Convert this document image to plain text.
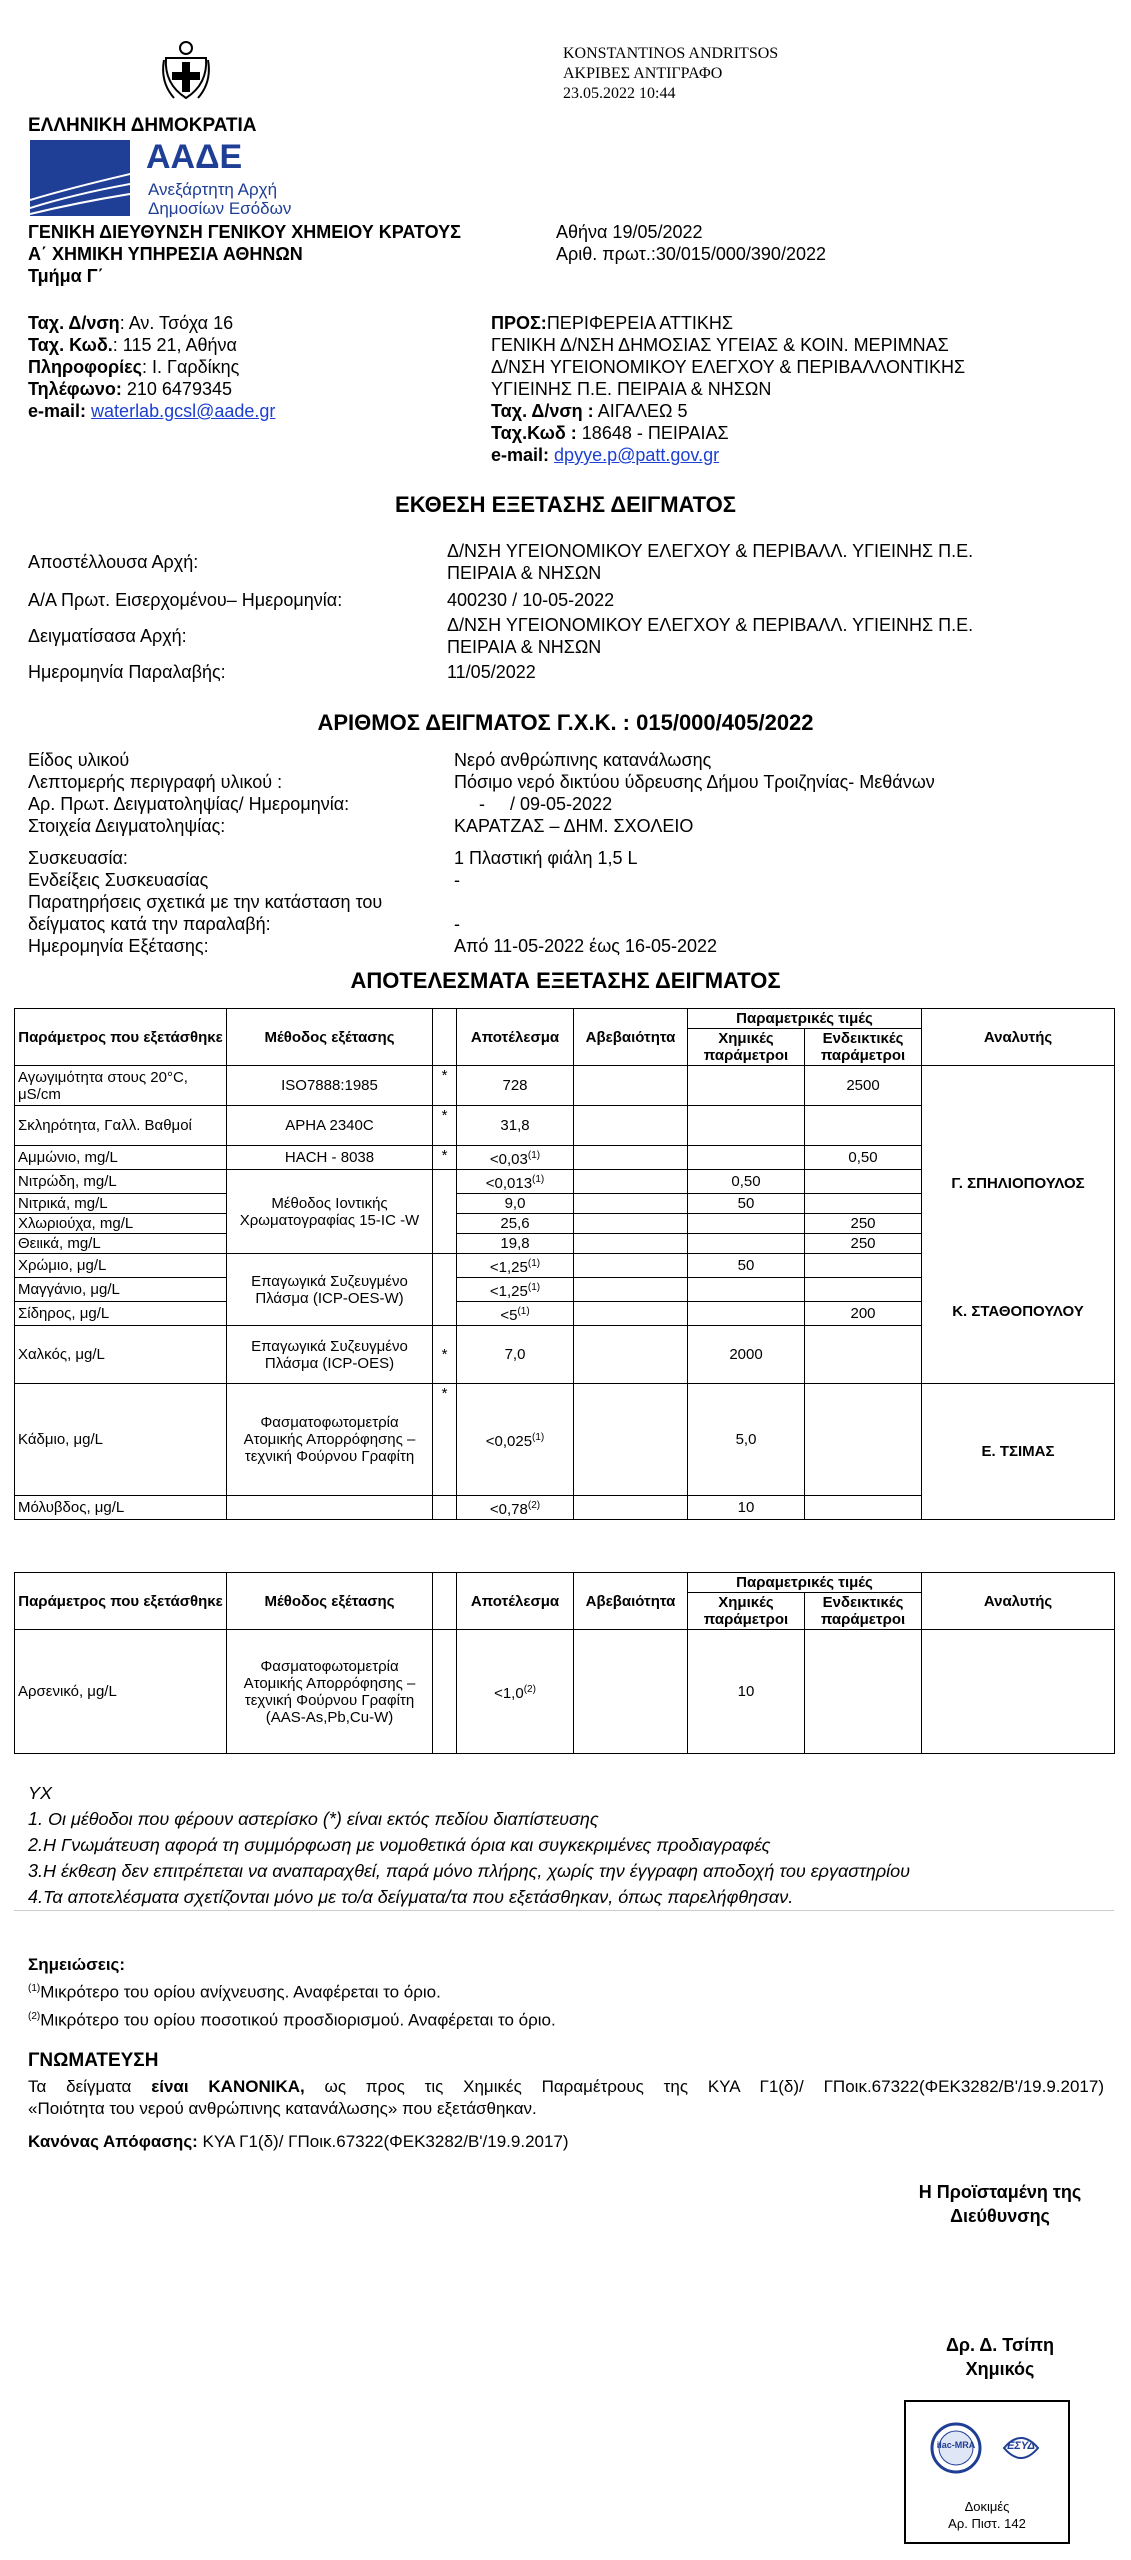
KONSTANTINOS ANDRITSOS
ΑΚΡΙΒΕΣ ΑΝΤΙΓΡΑΦΟ
23.05.2022 10:44
ΕΛΛΗΝΙΚΗ ΔΗΜΟΚΡΑΤΙΑ
ΑΑΔΕ
Ανεξάρτητη Αρχή
Δημοσίων Εσόδων
ΓΕΝΙΚΗ ΔΙΕΥΘΥΝΣΗ ΓΕΝΙΚΟΥ ΧΗΜΕΙΟΥ ΚΡΑΤΟΥΣ
Α΄ ΧΗΜΙΚΗ ΥΠΗΡΕΣΙΑ ΑΘΗΝΩΝ
Τμήμα Γ΄
Αθήνα 19/05/2022
Αριθ. πρωτ.:30/015/000/390/2022
Ταχ. Δ/νση: Αν. Τσόχα 16
Ταχ. Κωδ.: 115 21, Αθήνα
Πληροφορίες: Ι. Γαρδίκης
Τηλέφωνο: 210 6479345
e-mail: waterlab.gcsl@aade.gr
ΠΡΟΣ:ΠΕΡΙΦΕΡΕΙΑ ΑΤΤΙΚΗΣ
ΓΕΝΙΚΗ Δ/ΝΣΗ ΔΗΜΟΣΙΑΣ ΥΓΕΙΑΣ & ΚΟΙΝ. ΜΕΡΙΜΝΑΣ
Δ/ΝΣΗ ΥΓΕΙΟΝΟΜΙΚΟΥ ΕΛΕΓΧΟΥ & ΠΕΡΙΒΑΛΛΟΝΤΙΚΗΣ
ΥΓΙΕΙΝΗΣ Π.Ε. ΠΕΙΡΑΙΑ & ΝΗΣΩΝ
Ταχ. Δ/νση : ΑΙΓΑΛΕΩ 5
Ταχ.Κωδ : 18648 - ΠΕΙΡΑΙΑΣ
e-mail: dpyye.p@patt.gov.gr
ΕΚΘΕΣΗ ΕΞΕΤΑΣΗΣ ΔΕΙΓΜΑΤΟΣ
Αποστέλλουσα Αρχή:
Δ/ΝΣΗ ΥΓΕΙΟΝΟΜΙΚΟΥ ΕΛΕΓΧΟΥ & ΠΕΡΙΒΑΛΛ. ΥΓΙΕΙΝΗΣ Π.Ε.
ΠΕΙΡΑΙΑ & ΝΗΣΩΝ
Α/Α Πρωτ. Εισερχομένου– Ημερομηνία:	400230 / 10-05-2022
Δειγματίσασα Αρχή:
Δ/ΝΣΗ ΥΓΕΙΟΝΟΜΙΚΟΥ ΕΛΕΓΧΟΥ & ΠΕΡΙΒΑΛΛ. ΥΓΙΕΙΝΗΣ Π.Ε.
ΠΕΙΡΑΙΑ & ΝΗΣΩΝ
Ημερομηνία Παραλαβής:	11/05/2022
ΑΡΙΘΜΟΣ ΔΕΙΓΜΑΤΟΣ Γ.Χ.Κ. : 015/000/405/2022
Είδος υλικού	Νερό ανθρώπινης κατανάλωσης
Λεπτομερής περιγραφή υλικού :	Πόσιμο νερό δικτύου ύδρευσης Δήμου Τροιζηνίας- Μεθάνων
Αρ. Πρωτ. Δειγματοληψίας/ Ημερομηνία:	-     / 09-05-2022
Στοιχεία Δειγματοληψίας:	ΚΑΡΑΤΖΑΣ – ΔΗΜ. ΣΧΟΛΕΙΟ
Συσκευασία:	1 Πλαστική φιάλη 1,5 L
Ενδείξεις Συσκευασίας	-
Παρατηρήσεις σχετικά με την κατάσταση του
δείγματος κατά την παραλαβή:	-
Ημερομηνία Εξέτασης:	Από 11-05-2022 έως 16-05-2022
ΑΠΟΤΕΛΕΣΜΑΤΑ ΕΞΕΤΑΣΗΣ ΔΕΙΓΜΑΤΟΣ
Παράμετρος που εξετάσθηκε	Μέθοδος εξέτασης		Αποτέλεσμα	Αβεβαιότητα	Παραμετρικές τιμές		Αναλυτής
					Χημικές παράμετροι	Ενδεικτικές παράμετροι	
Αγωγιμότητα στους 20°C, μS/cm	ISO7888:1985	*	728			2500	Γ. ΣΠΗΛΙΟΠΟΥΛΟΣ
Σκληρότητα, Γαλλ. Βαθμοί	APHA 2340C	*	31,8				
Αμμώνιο, mg/L	HACH - 8038	*	$<0,03^{(1)}$			0,50	
Νιτρώδη, mg/L	Μέθοδος Ιοντικής Χρωματογραφίας 15-IC -W		$<0,013^{(1)}$		0,50		
Νιτρικά, mg/L			9,0		50		
Χλωριούχα, mg/L			25,6			250	
Θειικά, mg/L			19,8			250	
Χρώμιο, μg/L	Επαγωγικά Συζευγμένο Πλάσμα (ICP-OES-W)		$<1,25^{(1)}$		50		
Μαγγάνιο, μg/L			$<1,25^{(1)}$			
Σίδηρος, μg/L			$<5^{(1)}$			200	Κ. ΣΤΑΘΟΠΟΥΛΟΥ
Χαλκός, μg/L	Επαγωγικά Συζευγμένο Πλάσμα (ICP-OES)	*	7,0		2000		
Κάδμιο, μg/L	Φασματοφωτομετρία Ατομικής Απορρόφησης – τεχνική Φούρνου Γραφίτη	*	$<0,025^{(1)}$		5,0		Ε. ΤΣΙΜΑΣ
Μόλυβδος, μg/L			$<0,78^{(2)}$		10		
Παράμετρος που εξετάσθηκε	Μέθοδος εξέτασης		Αποτέλεσμα	Αβεβαιότητα	Παραμετρικές τιμές		Αναλυτής
					Χημικές παράμετροι	Ενδεικτικές παράμετροι	
Αρσενικό, μg/L	Φασματοφωτομετρία Ατομικής Απορρόφησης – τεχνική Φούρνου Γραφίτη (AAS-As,Pb,Cu-W)		$<1,0^{(2)}$		10		
ΥΧ
1. Οι μέθοδοι που φέρουν αστερίσκο (*) είναι εκτός πεδίου διαπίστευσης
2.Η Γνωμάτευση αφορά τη συμμόρφωση με νομοθετικά όρια και συγκεκριμένες προδιαγραφές
3.Η έκθεση δεν επιτρέπεται να αναπαραχθεί, παρά μόνο πλήρης, χωρίς την έγγραφη αποδοχή του εργαστηρίου
4.Τα αποτελέσματα σχετίζονται μόνο με το/α δείγματα/τα που εξετάσθηκαν, όπως παρελήφθησαν.
Σημειώσεις:
$^{(1)}$Μικρότερο του ορίου ανίχνευσης. Αναφέρεται το όριο.
$^{(2)}$Μικρότερο του ορίου ποσοτικού προσδιορισμού. Αναφέρεται το όριο.
ΓΝΩΜΑΤΕΥΣΗ
Τα δείγματα είναι ΚΑΝΟΝΙΚΑ, ως προς τις Χημικές Παραμέτρους της ΚΥΑ Γ1(δ)/ ΓΠοικ.67322(ΦΕΚ3282/Β'/19.9.2017)
«Ποιότητα του νερού ανθρώπινης κατανάλωσης» που εξετάσθηκαν.
Κανόνας Απόφασης: ΚΥΑ Γ1(δ)/ ΓΠοικ.67322(ΦΕΚ3282/Β'/19.9.2017)
Η Προϊσταμένη της
Διεύθυνσης
Δρ. Δ. Τσίπη
Χημικός
ilac-MRA	ΕΣΥΔ
Δοκιμές
Αρ. Πιστ. 142
